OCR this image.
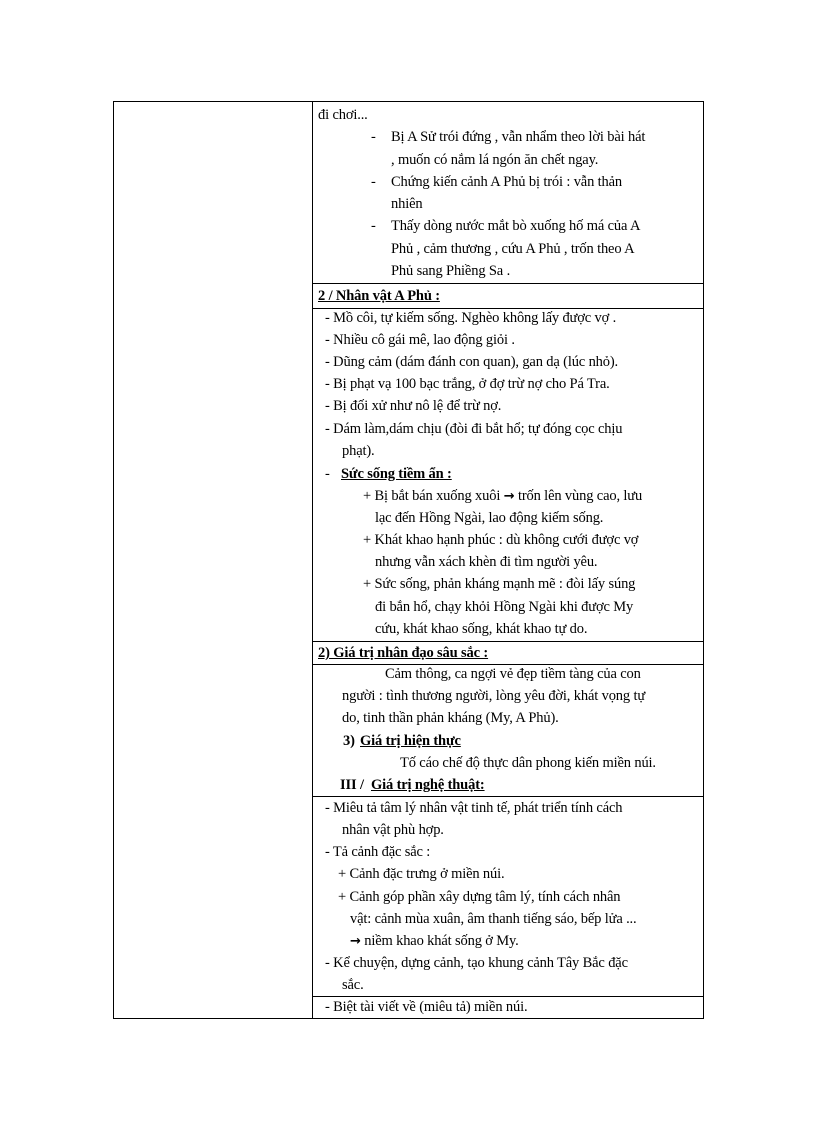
đi chơi...
- Bị A Sử trói đứng , vẫn nhẩm theo lời bài hát
, muốn có nắm lá ngón ăn chết ngay.
- Chứng kiến cảnh A Phủ bị trói : vẫn thản
nhiên
- Thấy dòng nước mắt bò xuống hố má của A
Phủ , cảm thương , cứu A Phủ , trốn theo A
Phủ sang Phiềng Sa .
2 / Nhân vật A Phủ :
- Mồ côi, tự kiếm sống. Nghèo không lấy được vợ .
- Nhiều cô gái mê, lao động giỏi .
- Dũng cảm (dám đánh con quan), gan dạ (lúc nhỏ).
- Bị phạt vạ 100 bạc trắng, ở đợ trừ nợ cho Pá Tra.
- Bị đối xử như nô lệ để trừ nợ.
- Dám làm,dám chịu (đòi đi bắt hổ; tự đóng cọc chịu
phạt).
- Sức sống tiềm ẩn :
+ Bị bắt bán xuống xuôi → trốn lên vùng cao, lưu
lạc đến Hồng Ngài, lao động kiếm sống.
+ Khát khao hạnh phúc : dù không cưới được vợ
nhưng vẫn xách khèn đi tìm người yêu.
+ Sức sống, phản kháng mạnh mẽ : đòi lấy súng
đi bắn hổ, chạy khỏi Hồng Ngài khi được My
cứu, khát khao sống, khát khao tự do.
2) Giá trị nhân đạo sâu sắc :
Cảm thông, ca ngợi vẻ đẹp tiềm tàng của con
người : tình thương người, lòng yêu đời, khát vọng tự
do, tinh thần phản kháng (My, A Phủ).
3) Giá trị hiện thực
Tố cáo chế độ thực dân phong kiến miền núi.
III / Giá trị nghệ thuật:
- Miêu tả tâm lý nhân vật tinh tế, phát triển tính cách
nhân vật phù hợp.
- Tả cảnh đặc sắc :
+ Cảnh đặc trưng ở miền núi.
+ Cảnh góp phần xây dựng tâm lý, tính cách nhân
vật: cảnh mùa xuân, âm thanh tiếng sáo, bếp lửa ...
→ niềm khao khát sống ở My.
- Kể chuyện, dựng cảnh, tạo khung cảnh Tây Bắc đặc
sắc.
- Biệt tài viết về (miêu tả) miền núi.
